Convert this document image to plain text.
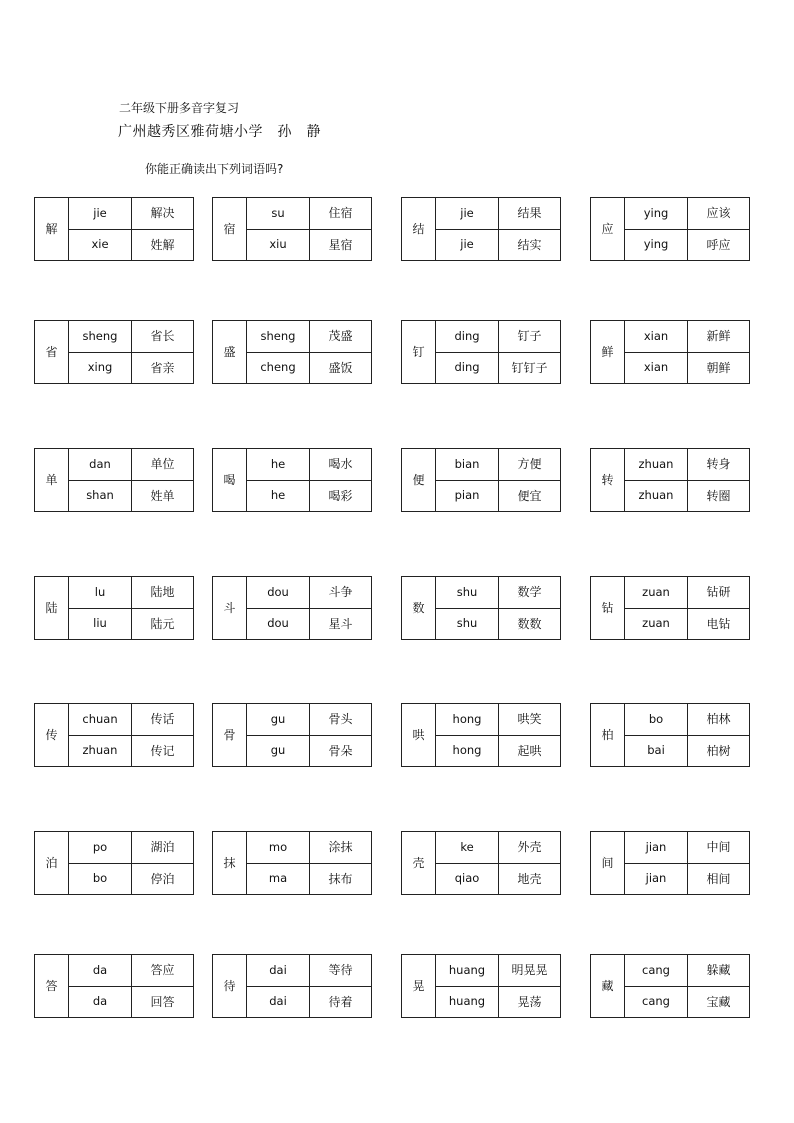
二年级下册多音字复习
广州越秀区雅荷塘小学　孙　静
你能正确读出下列词语吗?
解	jie	解决
	xie	姓解
宿	su	住宿
	xiu	星宿
结	jie	结果
	jie	结实
应	ying	应该
	ying	呼应
省	sheng	省长
	xing	省亲
盛	sheng	茂盛
	cheng	盛饭
钉	ding	钉子
	ding	钉钉子
鲜	xian	新鲜
	xian	朝鲜
单	dan	单位
	shan	姓单
喝	he	喝水
	he	喝彩
便	bian	方便
	pian	便宜
转	zhuan	转身
	zhuan	转圈
陆	lu	陆地
	liu	陆元
斗	dou	斗争
	dou	星斗
数	shu	数学
	shu	数数
钻	zuan	钻研
	zuan	电钻
传	chuan	传话
	zhuan	传记
骨	gu	骨头
	gu	骨朵
哄	hong	哄笑
	hong	起哄
柏	bo	柏林
	bai	柏树
泊	po	湖泊
	bo	停泊
抹	mo	涂抹
	ma	抹布
壳	ke	外壳
	qiao	地壳
间	jian	中间
	jian	相间
答	da	答应
	da	回答
待	dai	等待
	dai	待着
晃	huang	明晃晃
	huang	晃荡
藏	cang	躲藏
	cang	宝藏
